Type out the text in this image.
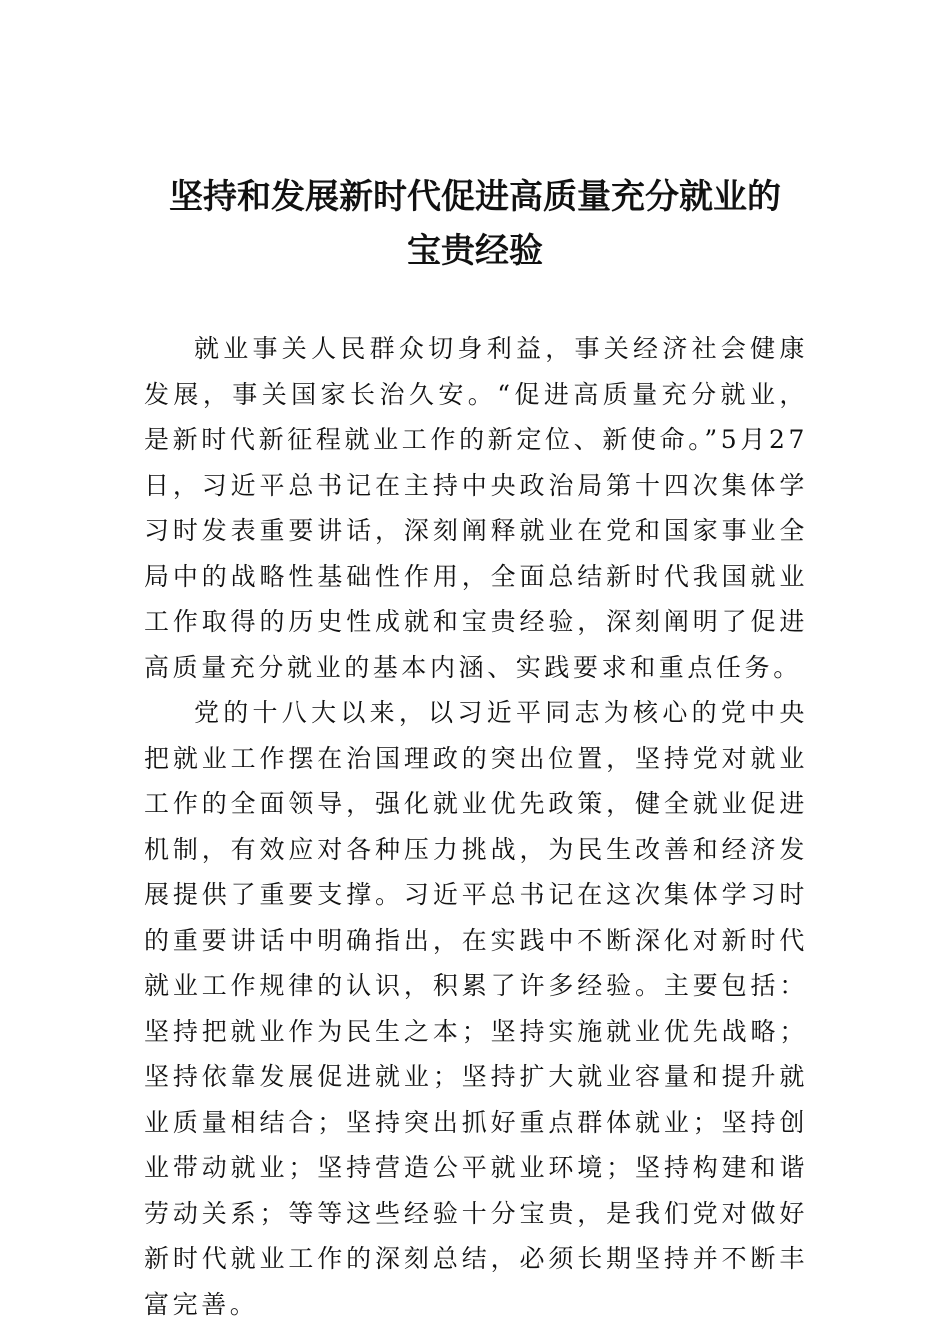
坚持和发展新时代促进高质量充分就业的
宝贵经验

就业事关人民群众切身利益，事关经济社会健康发展，事关国家长治久安。“促进高质量充分就业，是新时代新征程就业工作的新定位、新使命。”5月27日，习近平总书记在主持中央政治局第十四次集体学习时发表重要讲话，深刻阐释就业在党和国家事业全局中的战略性基础性作用，全面总结新时代我国就业工作取得的历史性成就和宝贵经验，深刻阐明了促进高质量充分就业的基本内涵、实践要求和重点任务。

党的十八大以来，以习近平同志为核心的党中央把就业工作摆在治国理政的突出位置，坚持党对就业工作的全面领导，强化就业优先政策，健全就业促进机制，有效应对各种压力挑战，为民生改善和经济发展提供了重要支撑。习近平总书记在这次集体学习时的重要讲话中明确指出，在实践中不断深化对新时代就业工作规律的认识，积累了许多经验。主要包括：坚持把就业作为民生之本；坚持实施就业优先战略；坚持依靠发展促进就业；坚持扩大就业容量和提升就业质量相结合；坚持突出抓好重点群体就业；坚持创业带动就业；坚持营造公平就业环境；坚持构建和谐劳动关系；等等这些经验十分宝贵，是我们党对做好新时代就业工作的深刻总结，必须长期坚持并不断丰富完善。
